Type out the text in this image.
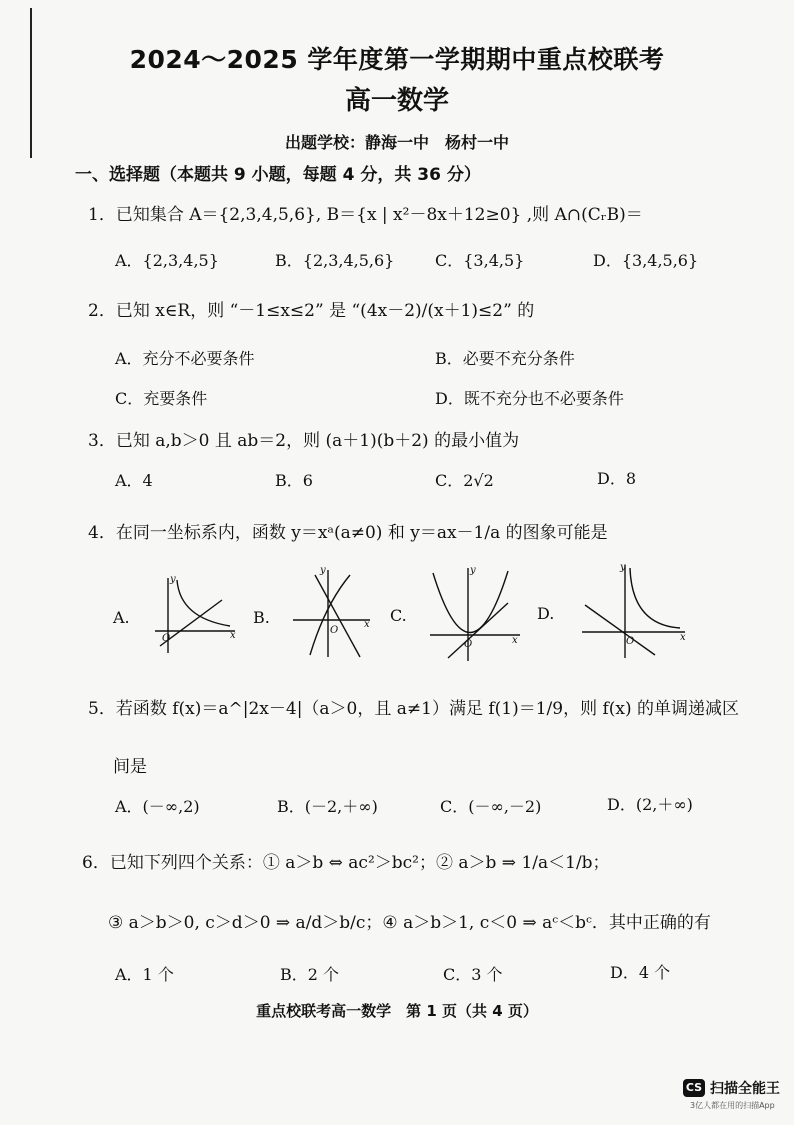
2024～2025 学年度第一学期期中重点校联考
高一数学
出题学校：静海一中　杨村一中
一、选择题（本题共 9 小题，每题 4 分，共 36 分）
1．已知集合 A＝{2,3,4,5,6}, B＝{x | x²－8x＋12≥0} ,则 A∩(CᵣB)＝
A．{2,3,4,5}	B．{2,3,4,5,6}	C．{3,4,5}	D．{3,4,5,6}
2．已知 x∈R，则 “－1≤x≤2” 是 “(4x－2)/(x＋1)≤2” 的
A．充分不必要条件	B．必要不充分条件
C．充要条件	D．既不充分也不必要条件
3．已知 a,b＞0 且 ab＝2，则 (a＋1)(b＋2) 的最小值为
A．4	B．6	C．2√2	D．8
4．在同一坐标系内，函数 y＝xᵃ(a≠0) 和 y＝ax－1/a 的图象可能是
A.
y
O	x
B.
y
O
x C.
y
O	x
D.
y
O	x
5．若函数 f(x)＝a^|2x－4|（a＞0，且 a≠1）满足 f(1)＝1/9，则 f(x) 的单调递减区
间是
A．(－∞,2)	B．(－2,＋∞)	C．(－∞,－2)	D．(2,＋∞)
6．已知下列四个关系：① a＞b ⇔ ac²＞bc²；② a＞b ⇒ 1/a＜1/b；
③ a＞b＞0, c＞d＞0 ⇒ a/d＞b/c；④ a＞b＞1, c＜0 ⇒ aᶜ＜bᶜ．其中正确的有
A．1 个	B．2 个	C．3 个	D．4 个
重点校联考高一数学　第 1 页（共 4 页）
CS 扫描全能王
3亿人都在用的扫描App
